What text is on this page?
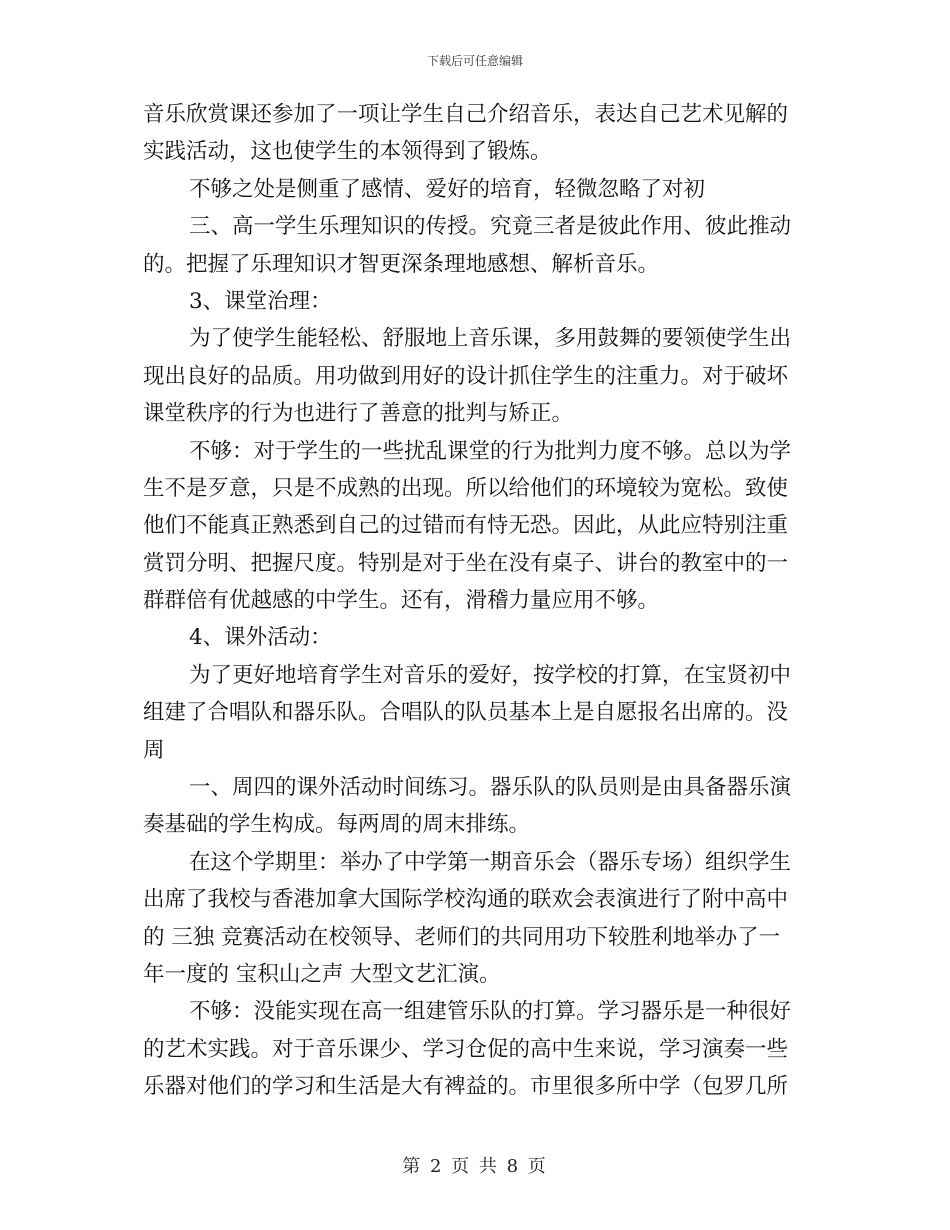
下载后可任意编辑
音乐欣赏课还参加了一项让学生自己介绍音乐，表达自己艺术见解的
实践活动，这也使学生的本领得到了锻炼。
不够之处是侧重了感情、爱好的培育，轻微忽略了对初
三、高一学生乐理知识的传授。究竟三者是彼此作用、彼此推动
的。把握了乐理知识才智更深条理地感想、解析音乐。
3、课堂治理：
为了使学生能轻松、舒服地上音乐课，多用鼓舞的要领使学生出
现出良好的品质。用功做到用好的设计抓住学生的注重力。对于破坏
课堂秩序的行为也进行了善意的批判与矫正。
不够：对于学生的一些扰乱课堂的行为批判力度不够。总以为学
生不是歹意，只是不成熟的出现。所以给他们的环境较为宽松。致使
他们不能真正熟悉到自己的过错而有恃无恐。因此，从此应特别注重
赏罚分明、把握尺度。特别是对于坐在没有桌子、讲台的教室中的一
群群倍有优越感的中学生。还有，滑稽力量应用不够。
4、课外活动：
为了更好地培育学生对音乐的爱好，按学校的打算，在宝贤初中
组建了合唱队和器乐队。合唱队的队员基本上是自愿报名出席的。没
周
一、周四的课外活动时间练习。器乐队的队员则是由具备器乐演
奏基础的学生构成。每两周的周末排练。
在这个学期里：举办了中学第一期音乐会（器乐专场）组织学生
出席了我校与香港加拿大国际学校沟通的联欢会表演进行了附中高中
的 三独 竞赛活动在校领导、老师们的共同用功下较胜利地举办了一
年一度的 宝积山之声 大型文艺汇演。
不够：没能实现在高一组建管乐队的打算。学习器乐是一种很好
的艺术实践。对于音乐课少、学习仓促的高中生来说，学习演奏一些
乐器对他们的学习和生活是大有裨益的。市里很多所中学（包罗几所
第 2 页 共 8 页
